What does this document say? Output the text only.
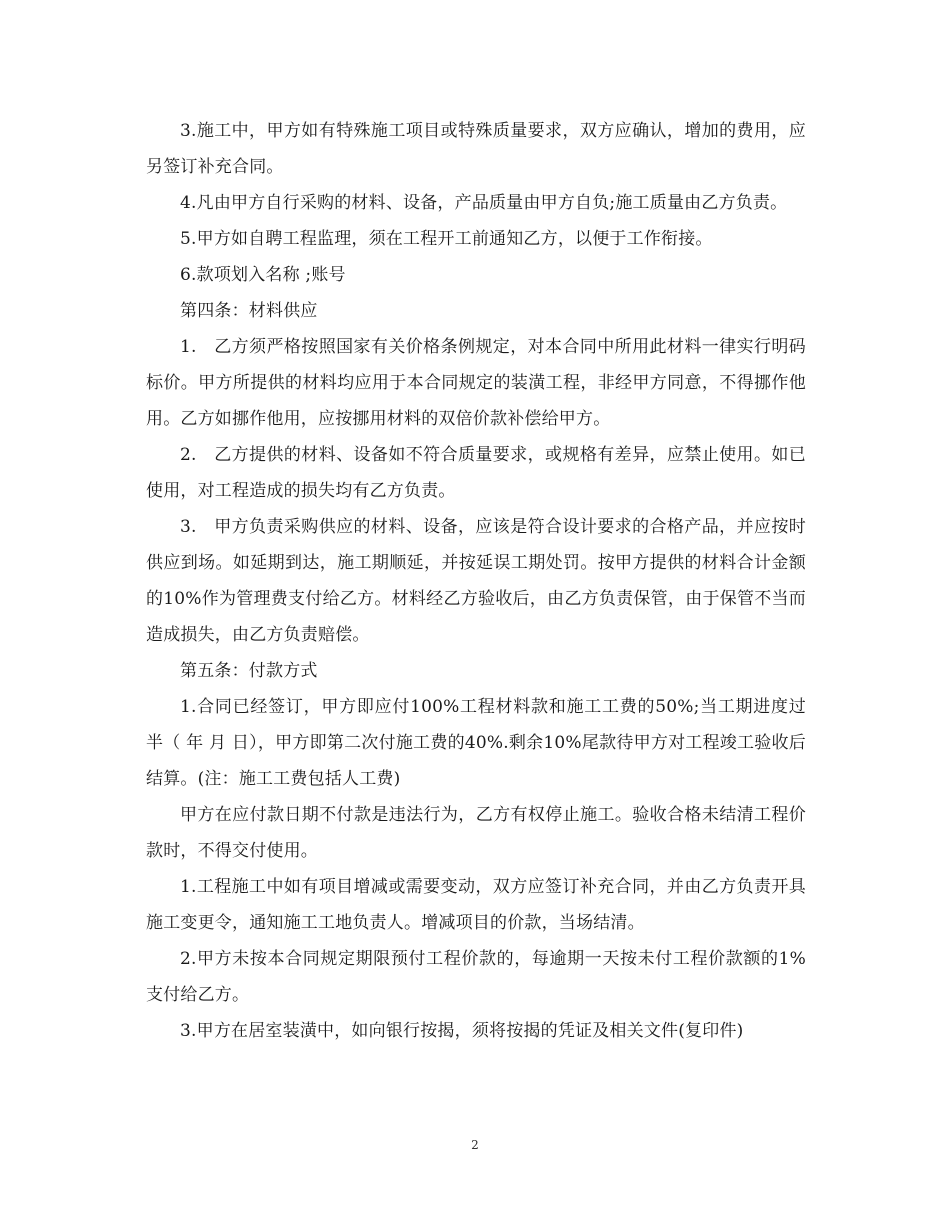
3.施工中，甲方如有特殊施工项目或特殊质量要求，双方应确认，增加的费用，应另签订补充合同。

4.凡由甲方自行采购的材料、设备，产品质量由甲方自负;施工质量由乙方负责。

5.甲方如自聘工程监理，须在工程开工前通知乙方，以便于工作衔接。

6.款项划入名称 ;账号

第四条：材料供应

1.　乙方须严格按照国家有关价格条例规定，对本合同中所用此材料一律实行明码标价。甲方所提供的材料均应用于本合同规定的装潢工程，非经甲方同意，不得挪作他用。乙方如挪作他用，应按挪用材料的双倍价款补偿给甲方。

2.　乙方提供的材料、设备如不符合质量要求，或规格有差异，应禁止使用。如已使用，对工程造成的损失均有乙方负责。

3.　甲方负责采购供应的材料、设备，应该是符合设计要求的合格产品，并应按时供应到场。如延期到达，施工期顺延，并按延误工期处罚。按甲方提供的材料合计金额的10%作为管理费支付给乙方。材料经乙方验收后，由乙方负责保管，由于保管不当而造成损失，由乙方负责赔偿。

第五条：付款方式

1.合同已经签订，甲方即应付100%工程材料款和施工工费的50%;当工期进度过半（ 年 月 日），甲方即第二次付施工费的40%.剩余10%尾款待甲方对工程竣工验收后结算。(注：施工工费包括人工费)

甲方在应付款日期不付款是违法行为，乙方有权停止施工。验收合格未结清工程价款时，不得交付使用。

1.工程施工中如有项目增减或需要变动，双方应签订补充合同，并由乙方负责开具施工变更令，通知施工工地负责人。增减项目的价款，当场结清。

2.甲方未按本合同规定期限预付工程价款的，每逾期一天按未付工程价款额的1%支付给乙方。

3.甲方在居室装潢中，如向银行按揭，须将按揭的凭证及相关文件(复印件)

2
